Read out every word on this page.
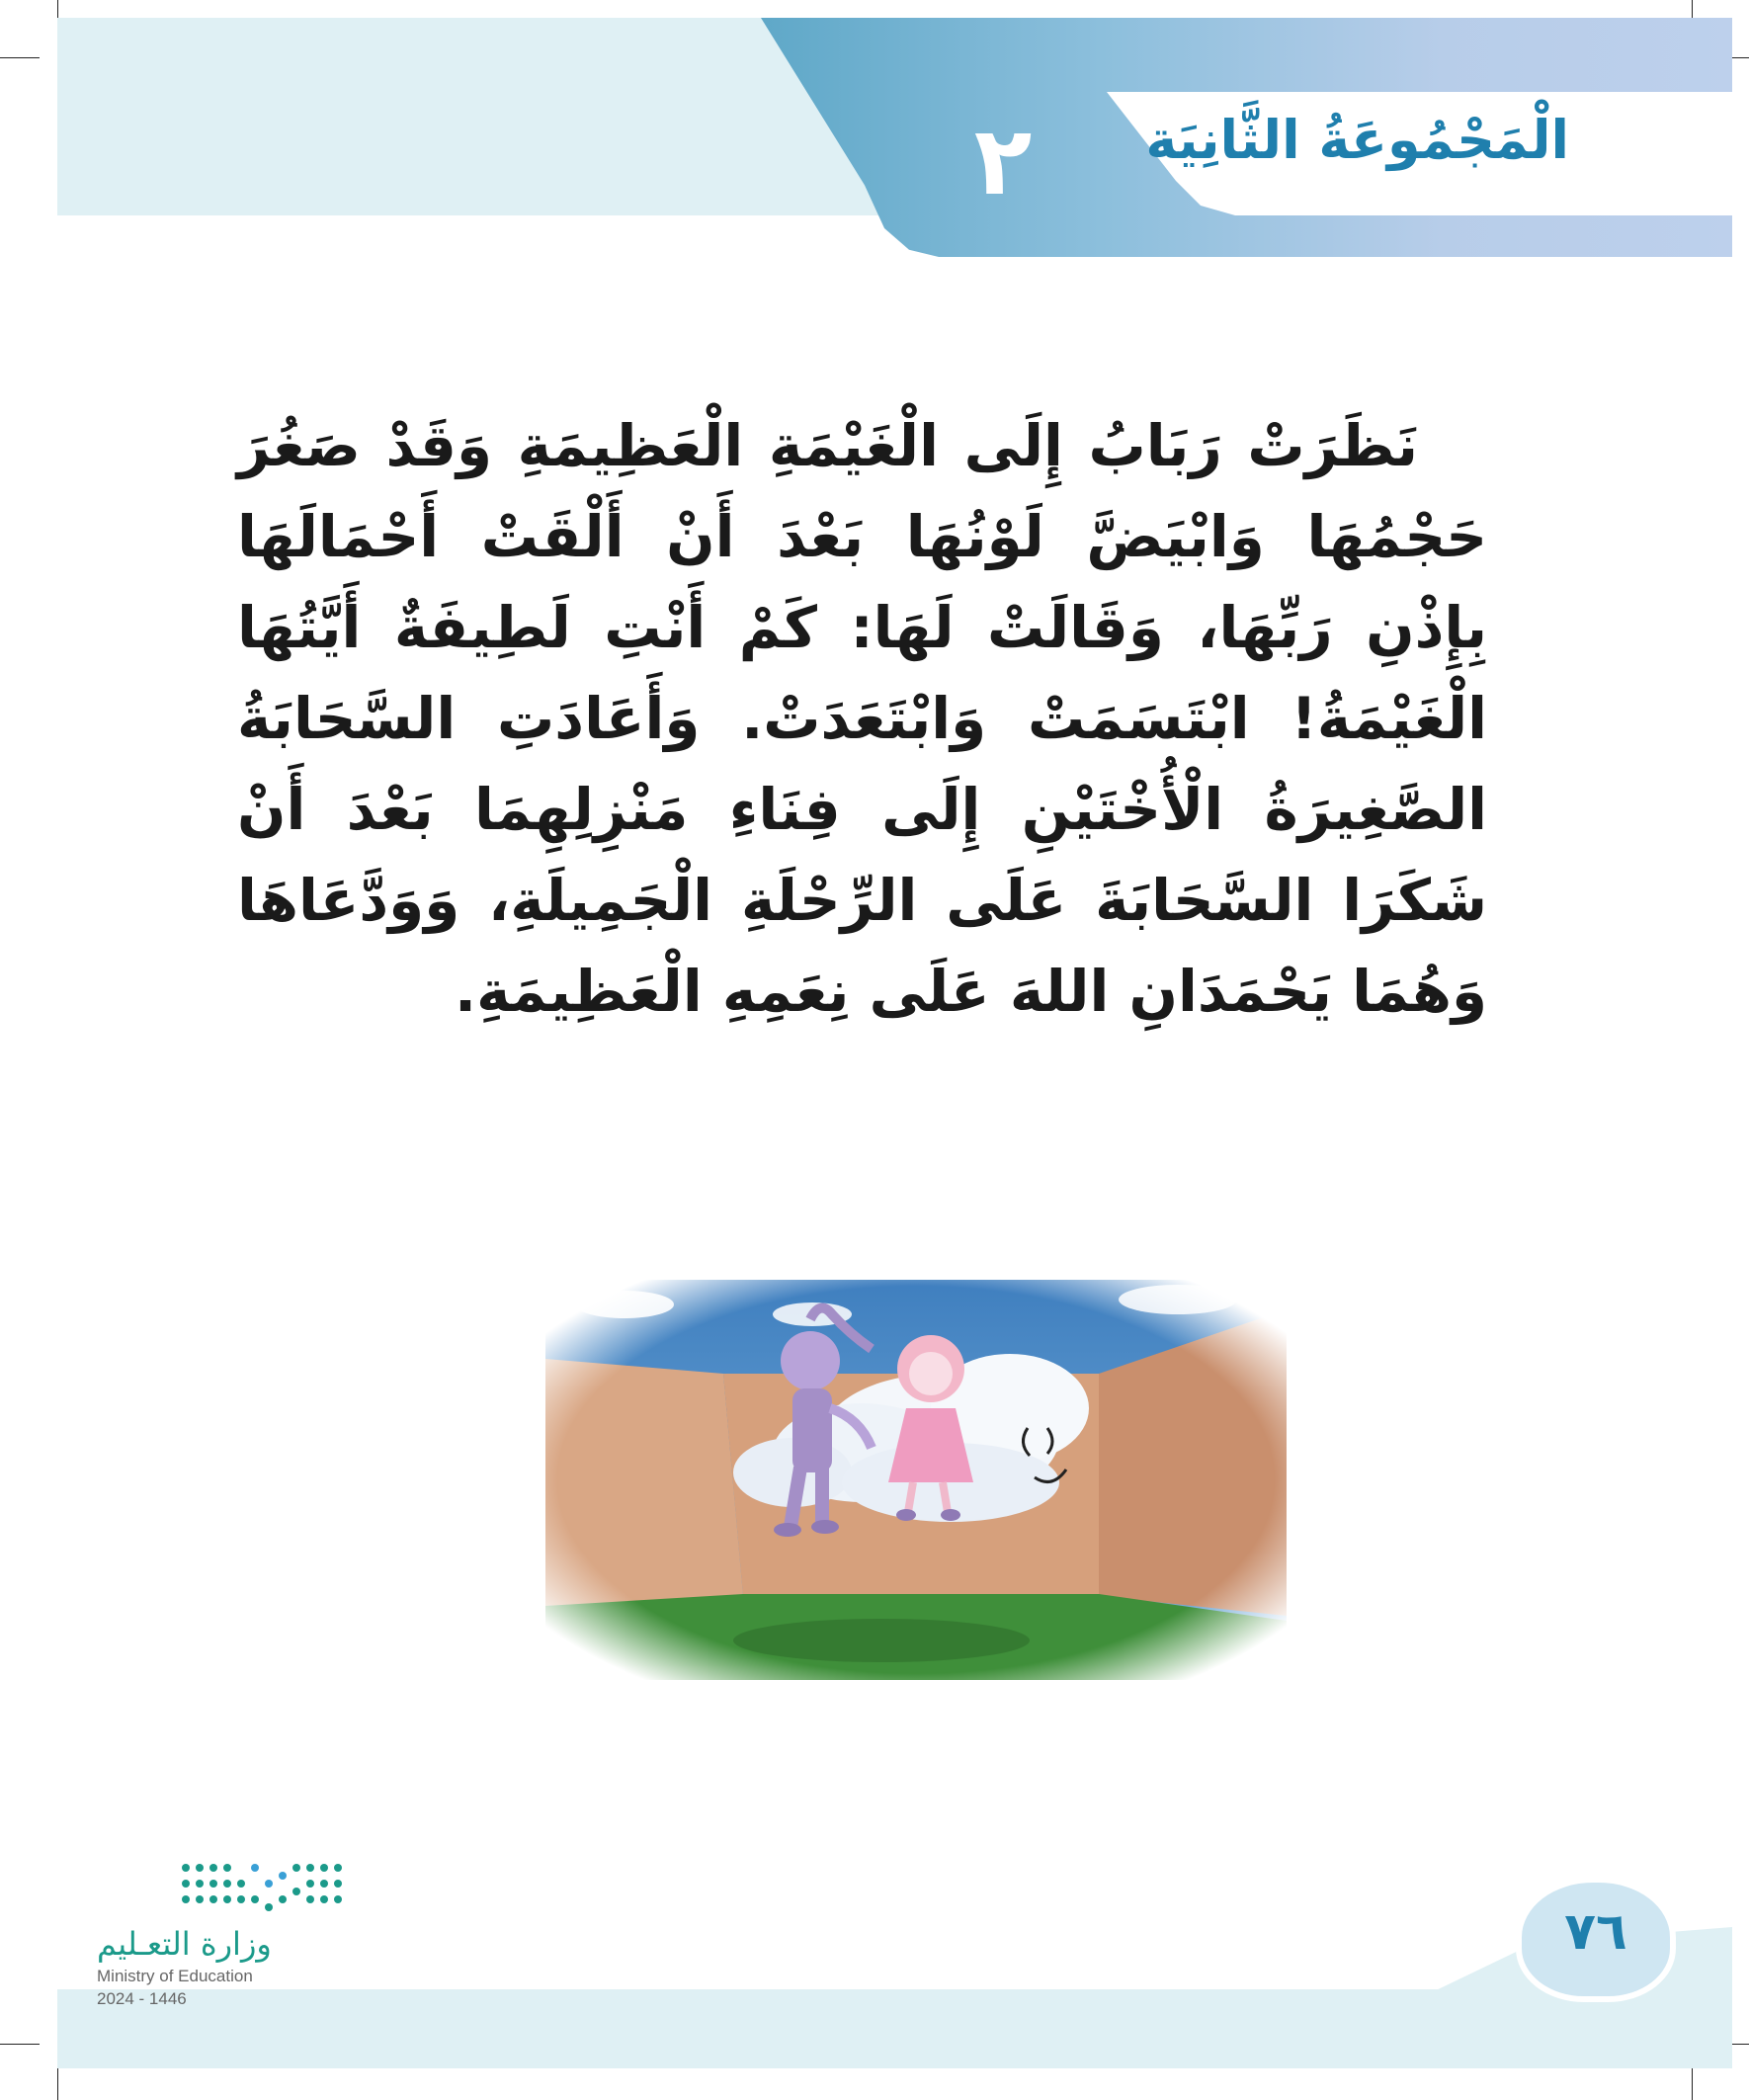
الْمَجْمُوعَةُ الثَّانِيَة
٢

نَظَرَتْ رَبَابُ إِلَى الْغَيْمَةِ الْعَظِيمَةِ وَقَدْ صَغُرَ حَجْمُهَا وَابْيَضَّ لَوْنُهَا بَعْدَ أَنْ أَلْقَتْ أَحْمَالَهَا بِإِذْنِ رَبِّهَا، وَقَالَتْ لَهَا: كَمْ أَنْتِ لَطِيفَةٌ أَيَّتُهَا الْغَيْمَةُ! ابْتَسَمَتْ وَابْتَعَدَتْ. وَأَعَادَتِ السَّحَابَةُ الصَّغِيرَةُ الْأُخْتَيْنِ إِلَى فِنَاءِ مَنْزِلِهِمَا بَعْدَ أَنْ شَكَرَا السَّحَابَةَ عَلَى الرِّحْلَةِ الْجَمِيلَةِ، وَوَدَّعَاهَا وَهُمَا يَحْمَدَانِ اللهَ عَلَى نِعَمِهِ الْعَظِيمَةِ.

٧٦
وزارة التعـليم
Ministry of Education
2024 - 1446
